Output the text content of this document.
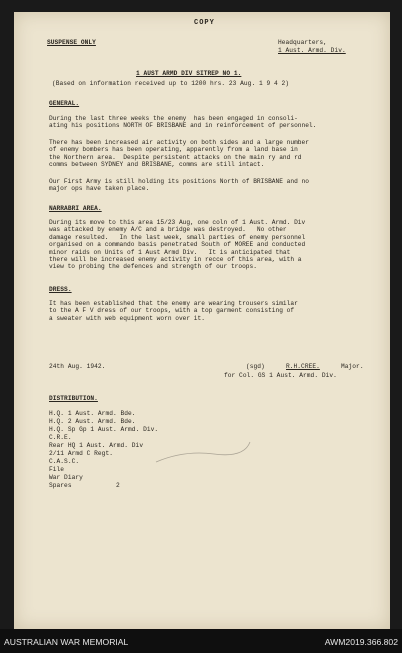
COPY
SUSPENSE ONLY	Headquarters,
1 Aust. Armd. Div.
1 AUST ARMD DIV SITREP NO 1.
(Based on information received up to 1200 hrs. 23 Aug. 1 9 4 2)
GENERAL.
During the last three weeks the enemy  has been engaged in consoli-
ating his positions NORTH OF BRISBANE and in reinforcement of personnel.
There has been increased air activity on both sides and a large number
of enemy bombers has been operating, apparently from a land base in
the Northern area.  Despite persistent attacks on the main ry and rd
comms between SYDNEY and BRISBANE, comms are still intact.
Our First Army is still holding its positions North of BRISBANE and no
major ops have taken place.
NARRABRI AREA.
During its move to this area 15/23 Aug, one coln of 1 Aust. Armd. Div
was attacked by enemy A/C and a bridge was destroyed.   No other
damage resulted.   In the last week, small parties of enemy personnel
organised on a commando basis penetrated South of MOREE and conducted
minor raids on Units of 1 Aust Armd Div.   It is anticipated that
there will be increased enemy activity in recce of this area, with a
view to probing the defences and strength of our troops.
DRESS.
It has been established that the enemy are wearing trousers similar
to the A F V dress of our troops, with a top garment consisting of
a sweater with web equipment worn over it.
24th Aug. 1942.	(sgd)	R.H.CREE.	Major.
for Col. GS 1 Aust. Armd. Div.
DISTRIBUTION.
H.Q. 1 Aust. Armd. Bde.
H.Q. 2 Aust. Armd. Bde.
H.Q. Sp Gp 1 Aust. Armd. Div.
C.R.E.
Rear HQ 1 Aust. Armd. Div
2/11 Armd C Regt.
C.A.S.C.
File
War Diary
Spares	2
AUSTRALIAN WAR MEMORIAL	AWM2019.366.802
